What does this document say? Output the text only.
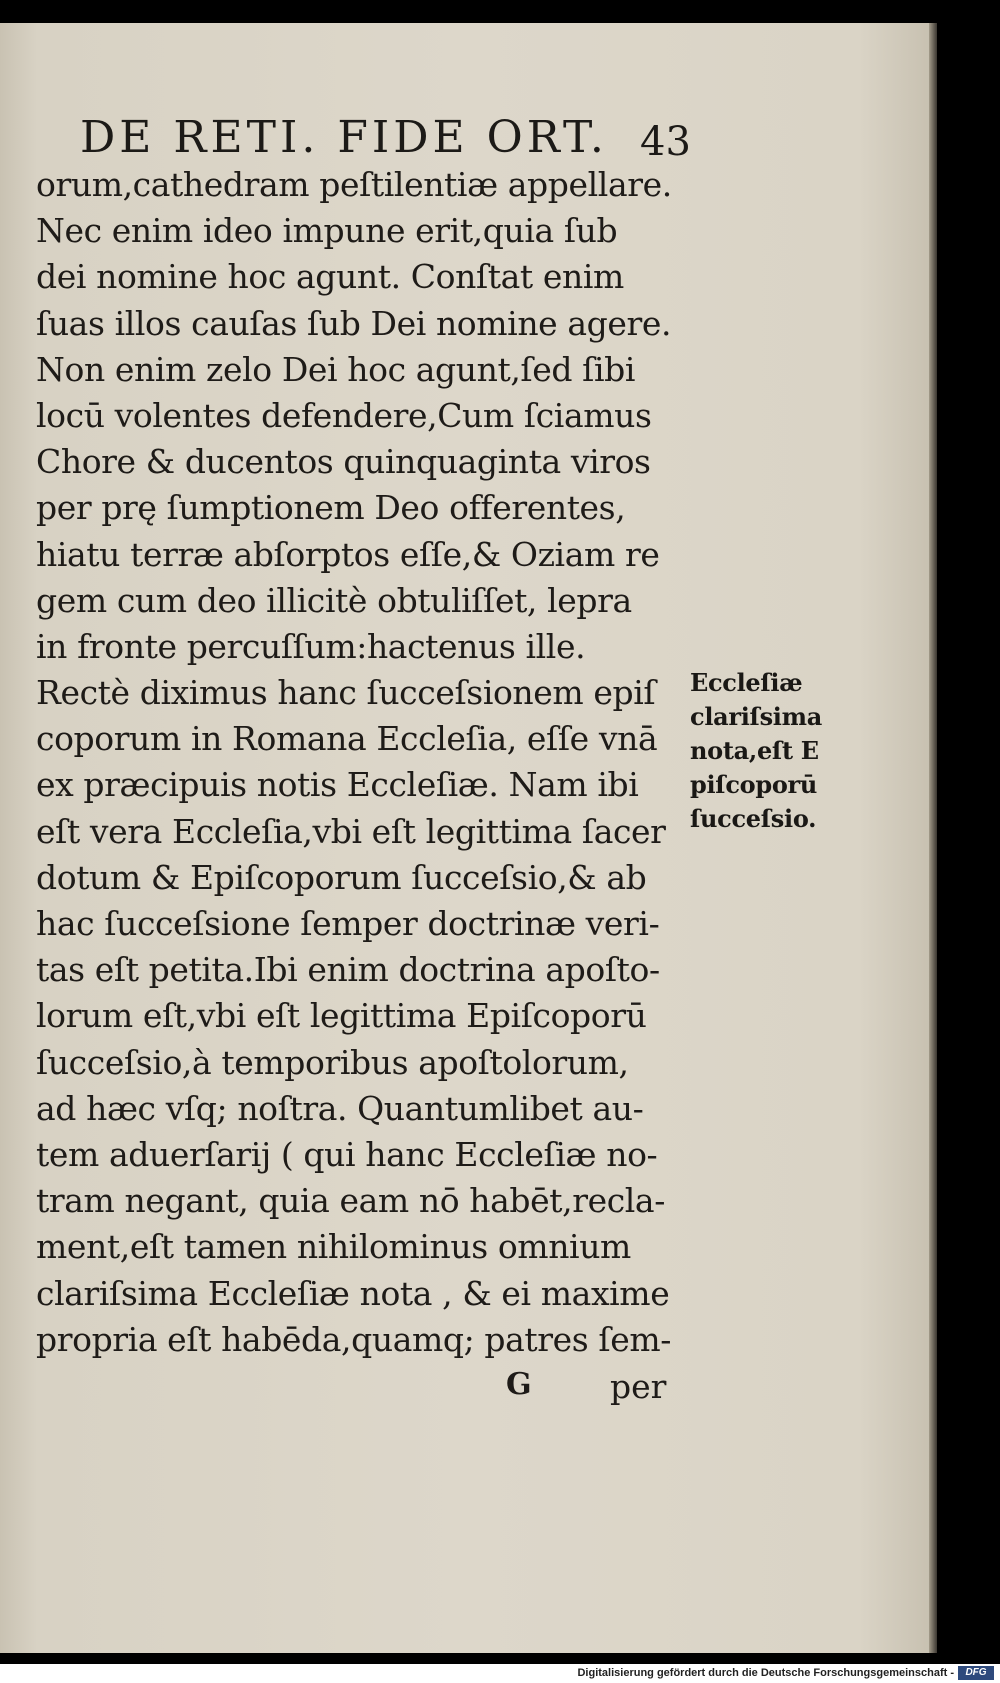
DE RETI. FIDE ORT. 43
orum,cathedram peſtilentiæ appellare.
Nec enim ideo impune erit,quia ſub
dei nomine hoc agunt. Conſtat enim
ſuas illos cauſas ſub Dei nomine agere.
Non enim zelo Dei hoc agunt,ſed ſibi
locū volentes defendere,Cum ſciamus
Chore & ducentos quinquaginta viros
per prę ſumptionem Deo offerentes,
hiatu terræ abſorptos eſſe,& Oziam re
gem cum deo illicitè obtuliſſet, lepra
in fronte percuſſum:hactenus ille.
Rectè diximus hanc ſucceſsionem epiſ
coporum in Romana Eccleſia, eſſe vnā
ex præcipuis notis Eccleſiæ. Nam ibi
eſt vera Eccleſia,vbi eſt legittima ſacer
dotum & Epiſcoporum ſucceſsio,& ab
hac ſucceſsione ſemper doctrinæ veri-
tas eſt petita.Ibi enim doctrina apoſto-
lorum eſt,vbi eſt legittima Epiſcoporū
ſucceſsio,à temporibus apoſtolorum,
ad hæc vſq; noſtra. Quantumlibet au-
tem aduerſarij ( qui hanc Eccleſiæ no-
tram negant, quia eam nō habēt,recla-
ment,eſt tamen nihilominus omnium
clariſsima Eccleſiæ nota , & ei maxime
propria eſt habēda,quamq; patres ſem-
Eccleſiæ
clariſsima
nota,eſt E
piſcoporū
ſucceſsio.
G per
Digitalisierung gefördert durch die Deutsche Forschungsgemeinschaft -	DFG
